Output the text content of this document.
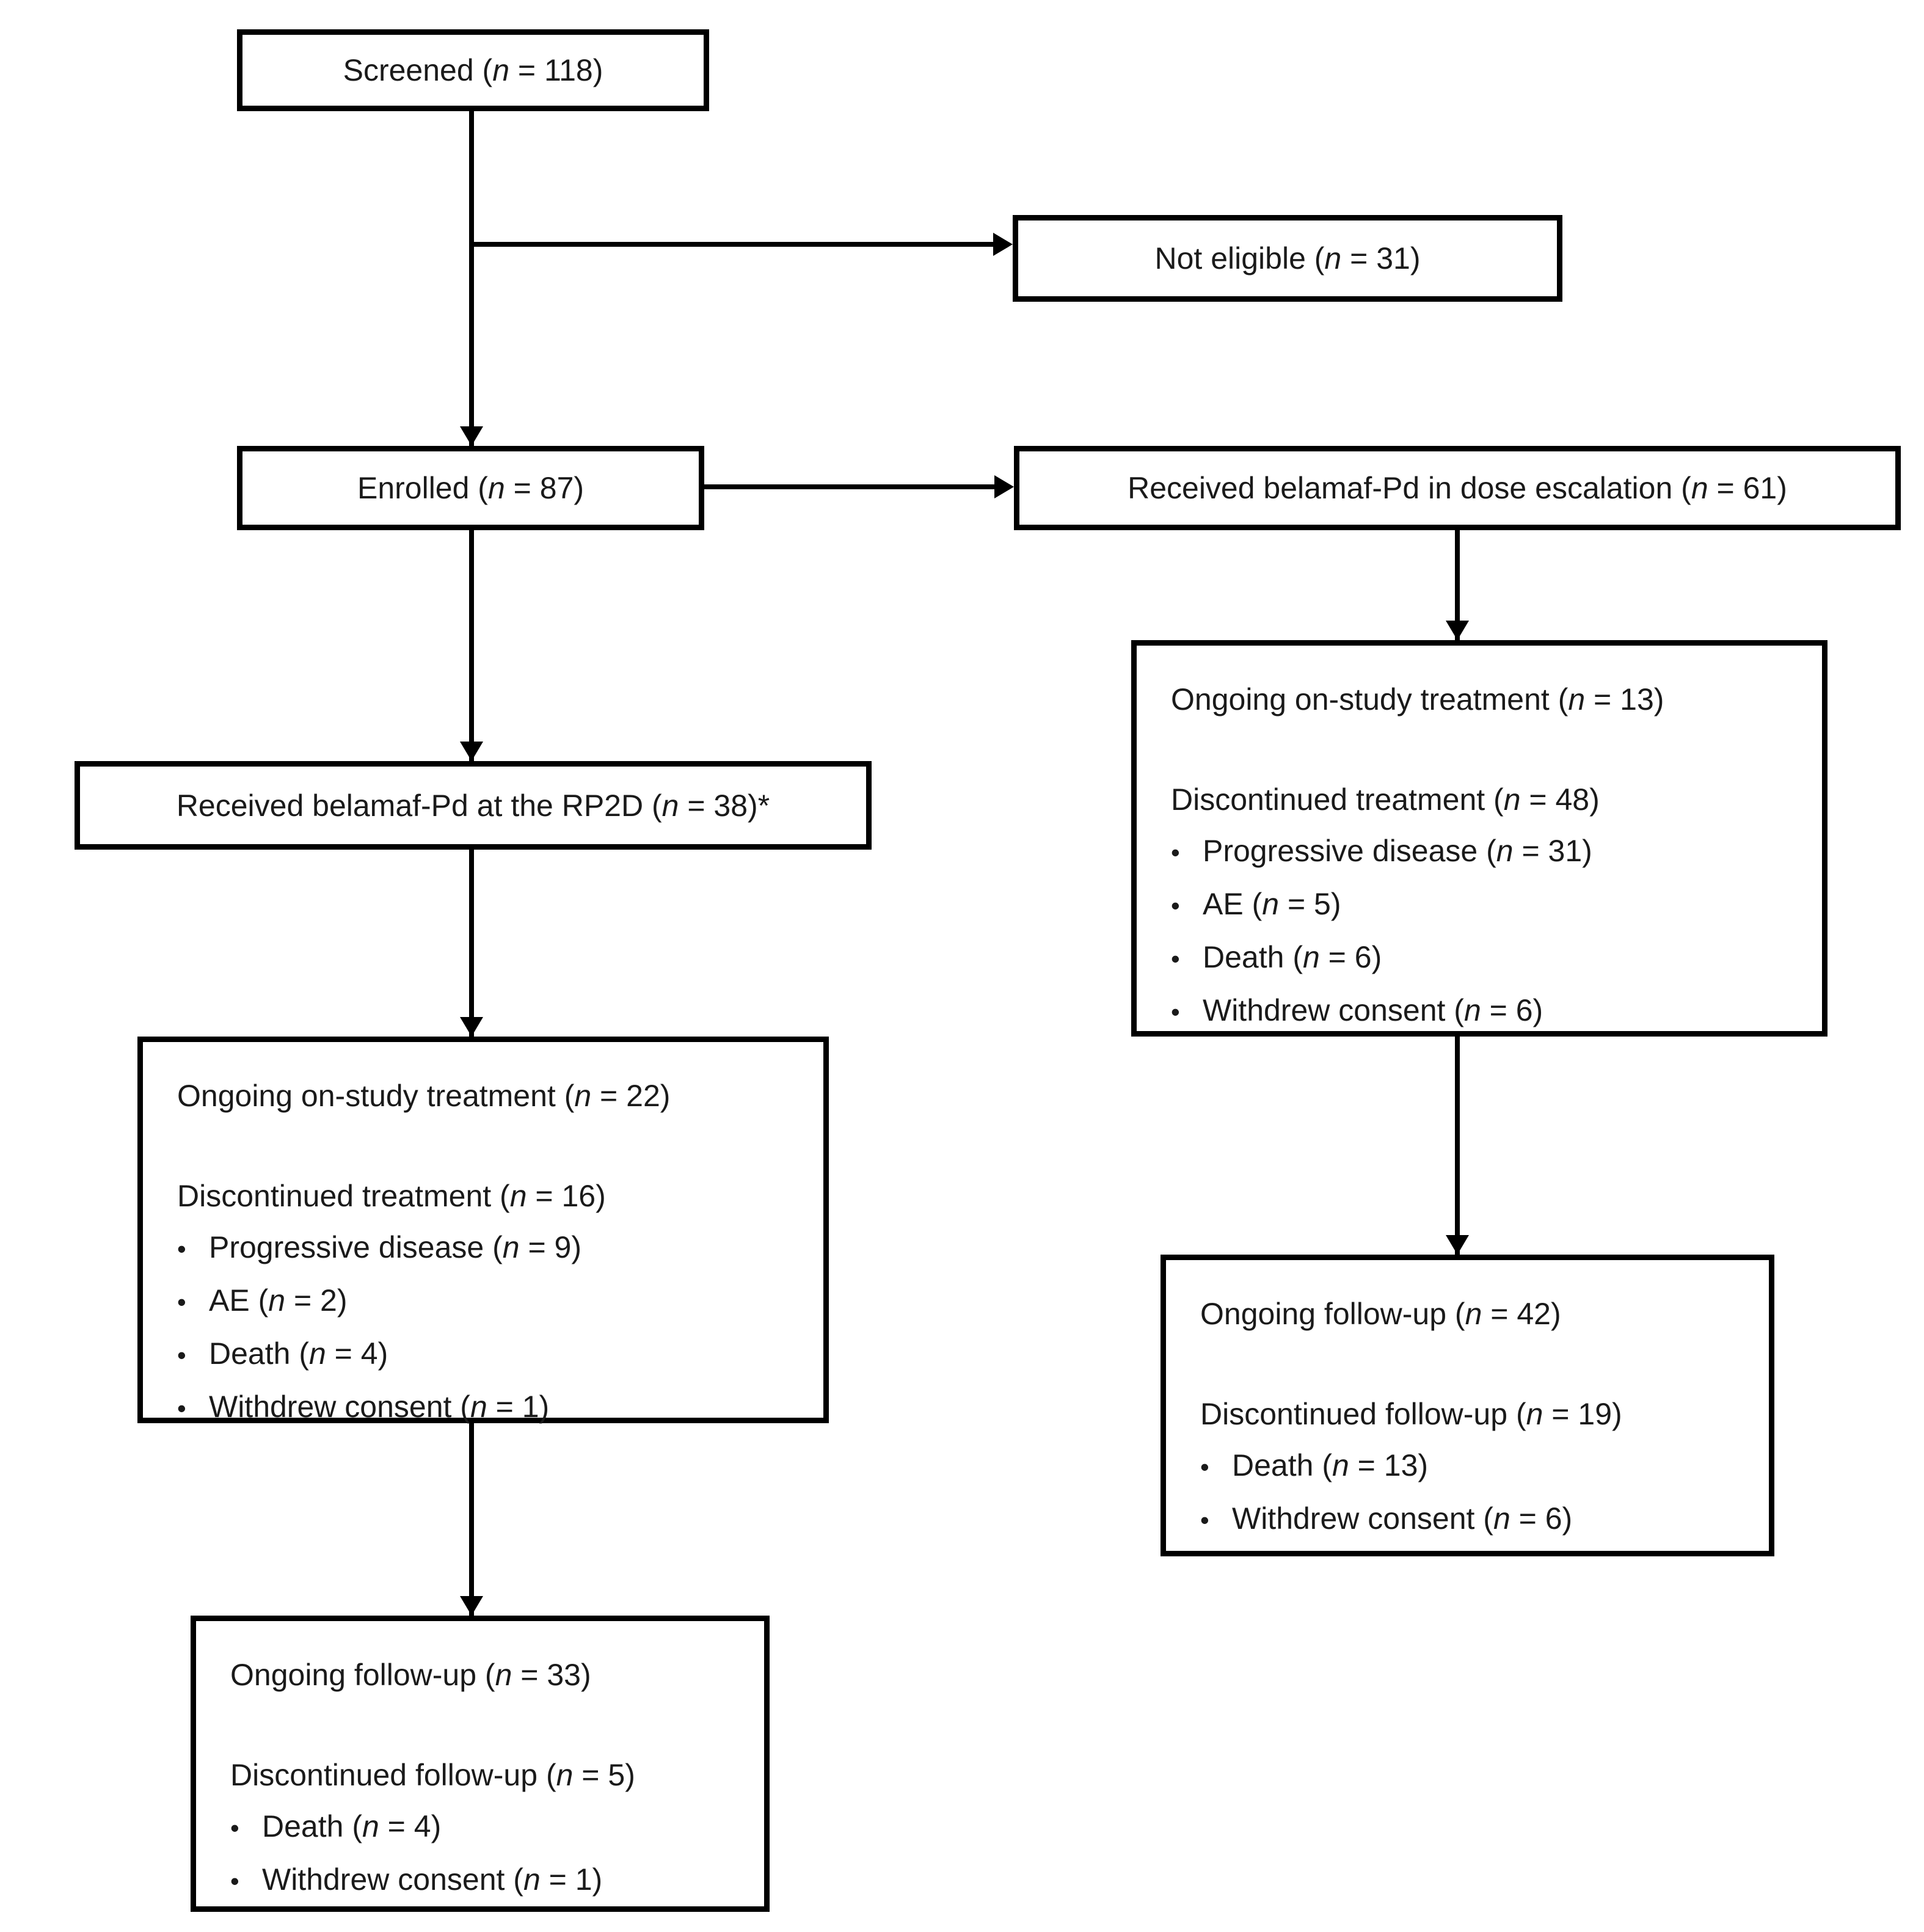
Screened (n = 118)
Not eligible (n = 31)
Enrolled (n = 87)	Received belamaf-Pd in dose escalation (n = 61)
Received belamaf-Pd at the RP2D (n = 38)*
Ongoing on-study treatment (n = 13)
Discontinued treatment (n = 48)
• Progressive disease (n = 31)
• AE (n = 5)
• Death (n = 6)
• Withdrew consent (n = 6)
Ongoing on-study treatment (n = 22)
Discontinued treatment (n = 16)
• Progressive disease (n = 9)
• AE (n = 2)
• Death (n = 4)
• Withdrew consent (n = 1)
Ongoing follow-up (n = 42)
Discontinued follow-up (n = 19)
• Death (n = 13)
• Withdrew consent (n = 6)
Ongoing follow-up (n = 33)
Discontinued follow-up (n = 5)
• Death (n = 4)
• Withdrew consent (n = 1)
